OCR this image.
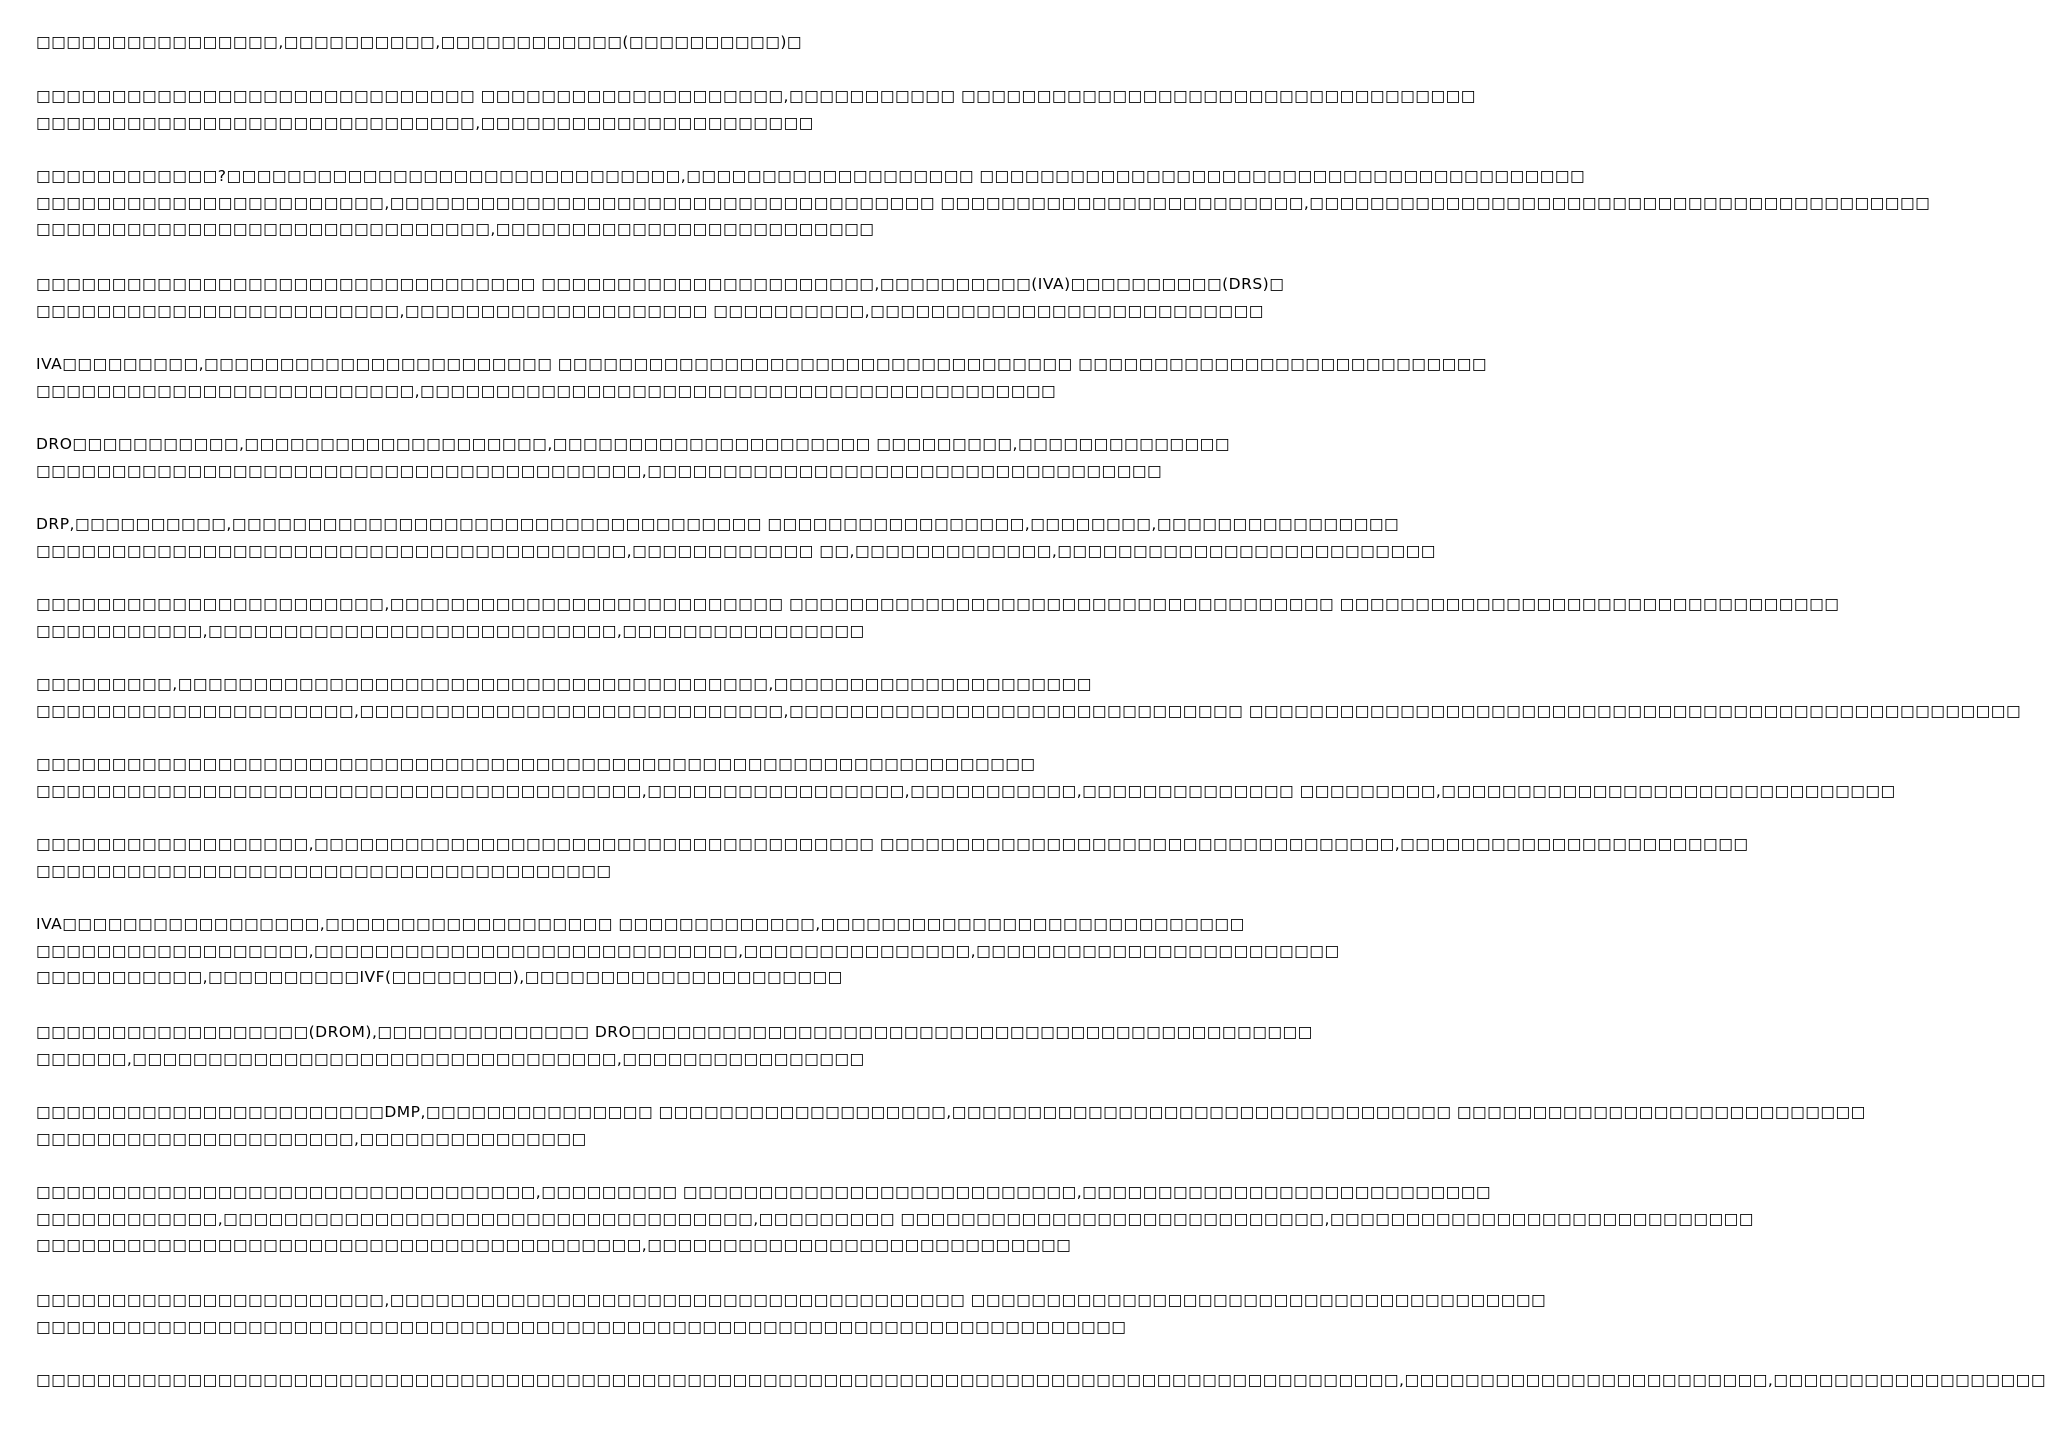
□□□□□□□□□□□□□□□□,□□□□□□□□□□,□□□□□□□□□□□□(□□□□□□□□□□)□
□□□□□□□□□□□□□□□□□□□□□□□□□□□□□ □□□□□□□□□□□□□□□□□□□□,□□□□□□□□□□□ □□□□□□□□□□□□□□□□□□□□□□□□□□□□□□□□□□
□□□□□□□□□□□□□□□□□□□□□□□□□□□□□,□□□□□□□□□□□□□□□□□□□□□□
□□□□□□□□□□□□?□□□□□□□□□□□□□□□□□□□□□□□□□□□□□□,□□□□□□□□□□□□□□□□□□□ □□□□□□□□□□□□□□□□□□□□□□□□□□□□□□□□□□□□□□□□
□□□□□□□□□□□□□□□□□□□□□□□,□□□□□□□□□□□□□□□□□□□□□□□□□□□□□□□□□□□□ □□□□□□□□□□□□□□□□□□□□□□□□,□□□□□□□□□□□□□□□□□□□□□□□□□□□□□□□□□□□□□□□□□
□□□□□□□□□□□□□□□□□□□□□□□□□□□□□□,□□□□□□□□□□□□□□□□□□□□□□□□□
□□□□□□□□□□□□□□□□□□□□□□□□□□□□□□□□□ □□□□□□□□□□□□□□□□□□□□□□,□□□□□□□□□□(IVA)□□□□□□□□□□(DRS)□
□□□□□□□□□□□□□□□□□□□□□□□□,□□□□□□□□□□□□□□□□□□□□ □□□□□□□□□□,□□□□□□□□□□□□□□□□□□□□□□□□□□
IVA□□□□□□□□□,□□□□□□□□□□□□□□□□□□□□□□□ □□□□□□□□□□□□□□□□□□□□□□□□□□□□□□□□□□ □□□□□□□□□□□□□□□□□□□□□□□□□□□
□□□□□□□□□□□□□□□□□□□□□□□□□,□□□□□□□□□□□□□□□□□□□□□□□□□□□□□□□□□□□□□□□□□□
DRO□□□□□□□□□□□,□□□□□□□□□□□□□□□□□□□□,□□□□□□□□□□□□□□□□□□□□□ □□□□□□□□□,□□□□□□□□□□□□□□
□□□□□□□□□□□□□□□□□□□□□□□□□□□□□□□□□□□□□□□□,□□□□□□□□□□□□□□□□□□□□□□□□□□□□□□□□□□
DRP,□□□□□□□□□□,□□□□□□□□□□□□□□□□□□□□□□□□□□□□□□□□□□□ □□□□□□□□□□□□□□□□□,□□□□□□□□,□□□□□□□□□□□□□□□□
□□□□□□□□□□□□□□□□□□□□□□□□□□□□□□□□□□□□□□□,□□□□□□□□□□□□ □□,□□□□□□□□□□□□□,□□□□□□□□□□□□□□□□□□□□□□□□□
□□□□□□□□□□□□□□□□□□□□□□□,□□□□□□□□□□□□□□□□□□□□□□□□□□ □□□□□□□□□□□□□□□□□□□□□□□□□□□□□□□□□□□□ □□□□□□□□□□□□□□□□□□□□□□□□□□□□□□□□□
□□□□□□□□□□□,□□□□□□□□□□□□□□□□□□□□□□□□□□□,□□□□□□□□□□□□□□□□
□□□□□□□□□,□□□□□□□□□□□□□□□□□□□□□□□□□□□□□□□□□□□□□□□,□□□□□□□□□□□□□□□□□□□□□
□□□□□□□□□□□□□□□□□□□□□,□□□□□□□□□□□□□□□□□□□□□□□□□□□□,□□□□□□□□□□□□□□□□□□□□□□□□□□□□□□ □□□□□□□□□□□□□□□□□□□□□□□□□□□□□□□□□□□□□□□□□□□□□□□□□□□
□□□□□□□□□□□□□□□□□□□□□□□□□□□□□□□□□□□□□□□□□□□□□□□□□□□□□□□□□□□□□□□□□□
□□□□□□□□□□□□□□□□□□□□□□□□□□□□□□□□□□□□□□□□,□□□□□□□□□□□□□□□□□,□□□□□□□□□□□,□□□□□□□□□□□□□□ □□□□□□□□□,□□□□□□□□□□□□□□□□□□□□□□□□□□□□□□
□□□□□□□□□□□□□□□□□□,□□□□□□□□□□□□□□□□□□□□□□□□□□□□□□□□□□□□□ □□□□□□□□□□□□□□□□□□□□□□□□□□□□□□□□□□,□□□□□□□□□□□□□□□□□□□□□□□
□□□□□□□□□□□□□□□□□□□□□□□□□□□□□□□□□□□□□□
IVA□□□□□□□□□□□□□□□□□,□□□□□□□□□□□□□□□□□□□ □□□□□□□□□□□□□,□□□□□□□□□□□□□□□□□□□□□□□□□□□□
□□□□□□□□□□□□□□□□□□,□□□□□□□□□□□□□□□□□□□□□□□□□□□□,□□□□□□□□□□□□□□□,□□□□□□□□□□□□□□□□□□□□□□□□
□□□□□□□□□□□,□□□□□□□□□□IVF(□□□□□□□□),□□□□□□□□□□□□□□□□□□□□□
□□□□□□□□□□□□□□□□□□(DROM),□□□□□□□□□□□□□□ DRO□□□□□□□□□□□□□□□□□□□□□□□□□□□□□□□□□□□□□□□□□□□□□
□□□□□□,□□□□□□□□□□□□□□□□□□□□□□□□□□□□□□□□,□□□□□□□□□□□□□□□□
□□□□□□□□□□□□□□□□□□□□□□□DMP,□□□□□□□□□□□□□□□ □□□□□□□□□□□□□□□□□□□,□□□□□□□□□□□□□□□□□□□□□□□□□□□□□□□□□ □□□□□□□□□□□□□□□□□□□□□□□□□□□
□□□□□□□□□□□□□□□□□□□□□,□□□□□□□□□□□□□□□
□□□□□□□□□□□□□□□□□□□□□□□□□□□□□□□□□,□□□□□□□□□ □□□□□□□□□□□□□□□□□□□□□□□□□□,□□□□□□□□□□□□□□□□□□□□□□□□□□□
□□□□□□□□□□□□,□□□□□□□□□□□□□□□□□□□□□□□□□□□□□□□□□□□,□□□□□□□□□ □□□□□□□□□□□□□□□□□□□□□□□□□□□□,□□□□□□□□□□□□□□□□□□□□□□□□□□□□
□□□□□□□□□□□□□□□□□□□□□□□□□□□□□□□□□□□□□□□□,□□□□□□□□□□□□□□□□□□□□□□□□□□□□
□□□□□□□□□□□□□□□□□□□□□□□,□□□□□□□□□□□□□□□□□□□□□□□□□□□□□□□□□□□□□□ □□□□□□□□□□□□□□□□□□□□□□□□□□□□□□□□□□□□□□
□□□□□□□□□□□□□□□□□□□□□□□□□□□□□□□□□□□□□□□□□□□□□□□□□□□□□□□□□□□□□□□□□□□□□□□□
□□□□□□□□□□□□□□□□□□□□□□□□□□□□□□□□□□□□□□□□□□□□□□□□□□□□□□□□□□□□□□□□□□□□□□□□□□□□□□□□□□□□□□□□□□,□□□□□□□□□□□□□□□□□□□□□□□□,□□□□□□□□□□□□□□□□□□
